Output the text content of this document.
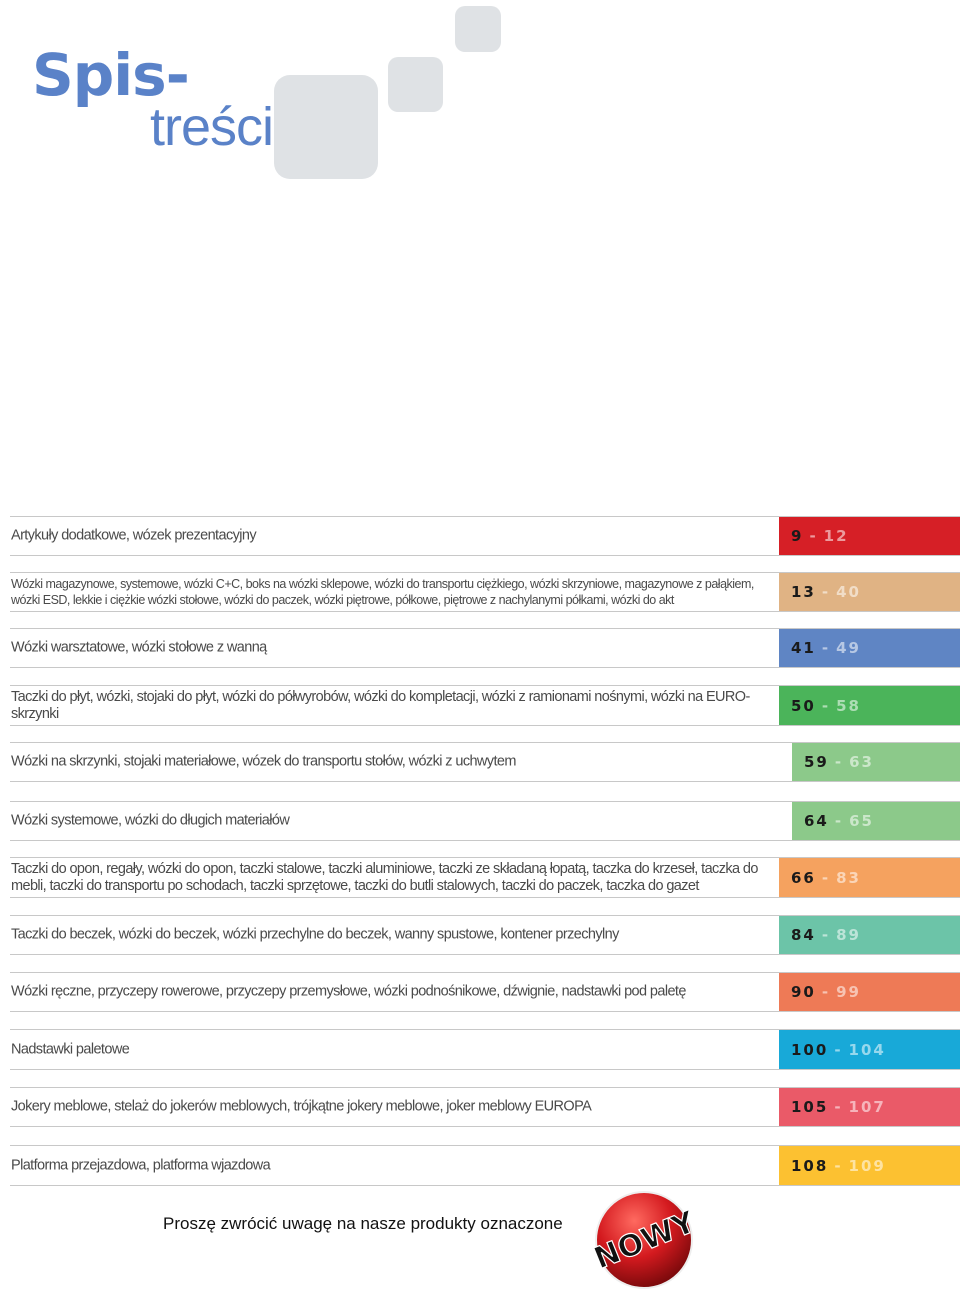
Spis-
treści
Artykuły dodatkowe, wózek prezentacyjny	9 - 12
Wózki magazynowe, systemowe, wózki C+C, boks na wózki sklepowe, wózki do transportu ciężkiego, wózki skrzyniowe, magazynowe z pałąkiem, wózki ESD, lekkie i ciężkie wózki stołowe, wózki do paczek, wózki piętrowe, półkowe, piętrowe z nachylanymi półkami, wózki do akt	13 - 40
Wózki warsztatowe, wózki stołowe z wanną	41 - 49
Taczki do płyt, wózki, stojaki do płyt, wózki do półwyrobów, wózki do kompletacji, wózki z ramionami nośnymi, wózki na EURO-skrzynki	50 - 58
Wózki na skrzynki, stojaki materiałowe, wózek do transportu stołów, wózki z uchwytem	59 - 63
Wózki systemowe, wózki do długich materiałów	64 - 65
Taczki do opon, regały, wózki do opon, taczki stalowe, taczki aluminiowe, taczki ze składaną łopatą, taczka do krzeseł, taczka do mebli, taczki do transportu po schodach, taczki sprzętowe, taczki do butli stalowych, taczki do paczek, taczka do gazet	66 - 83
Taczki do beczek, wózki do beczek, wózki przechylne do beczek, wanny spustowe, kontener przechylny	84 - 89
Wózki ręczne, przyczepy rowerowe, przyczepy przemysłowe, wózki podnośnikowe, dźwignie, nadstawki pod paletę	90 - 99
Nadstawki paletowe	100 - 104
Jokery meblowe, stelaż do jokerów meblowych, trójkątne jokery meblowe, joker meblowy EUROPA	105 - 107
Platforma przejazdowa, platforma wjazdowa	108 - 109
Proszę zwrócić uwagę na nasze produkty oznaczone NOWY
